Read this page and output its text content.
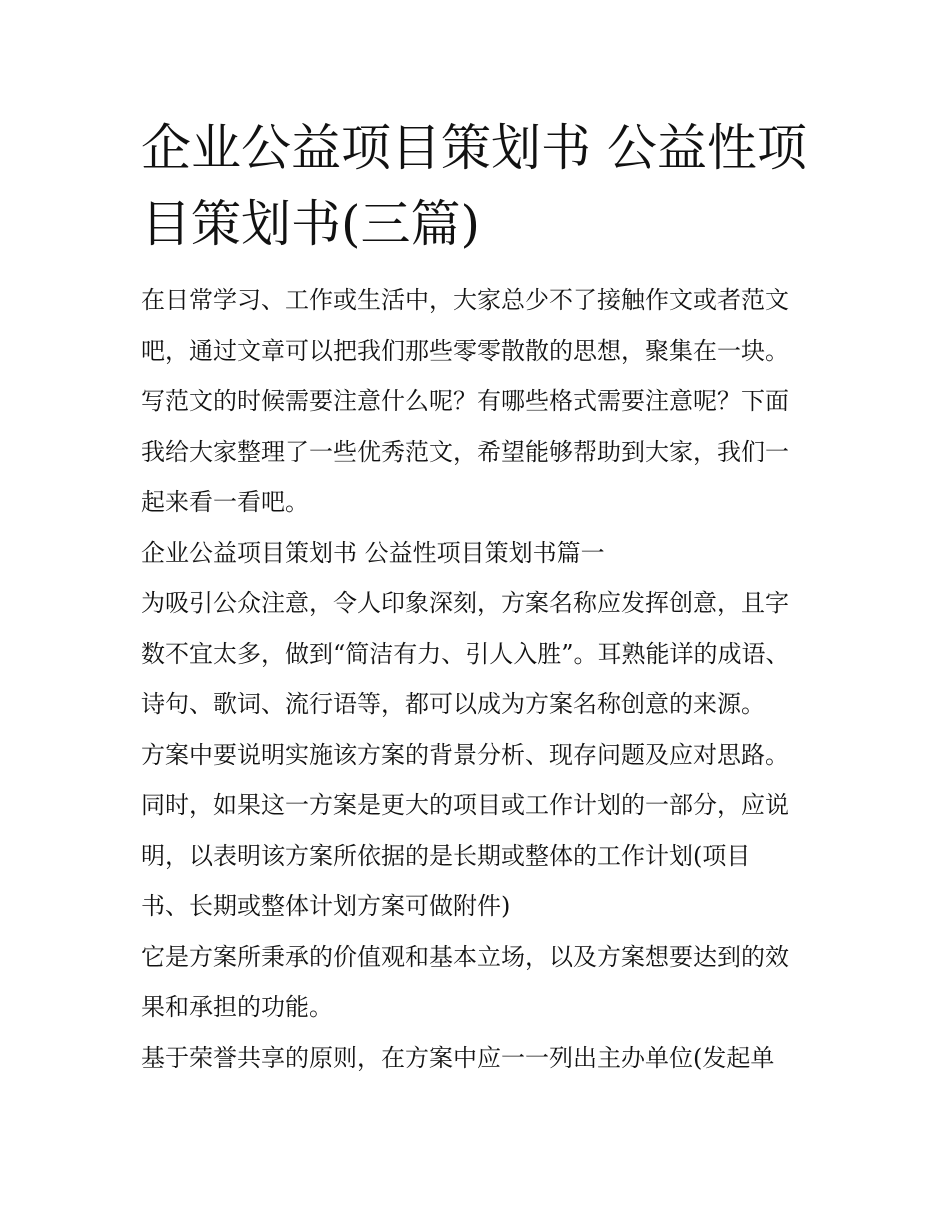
企业公益项目策划书 公益性项目策划书(三篇)

在日常学习、工作或生活中，大家总少不了接触作文或者范文

吧，通过文章可以把我们那些零零散散的思想，聚集在一块。

写范文的时候需要注意什么呢？有哪些格式需要注意呢？下面

我给大家整理了一些优秀范文，希望能够帮助到大家，我们一

起来看一看吧。

企业公益项目策划书 公益性项目策划书篇一

为吸引公众注意，令人印象深刻，方案名称应发挥创意，且字

数不宜太多，做到“简洁有力、引人入胜”。耳熟能详的成语、

诗句、歌词、流行语等，都可以成为方案名称创意的来源。

方案中要说明实施该方案的背景分析、现存问题及应对思路。

同时，如果这一方案是更大的项目或工作计划的一部分，应说

明，以表明该方案所依据的是长期或整体的工作计划(项目

书、长期或整体计划方案可做附件)

它是方案所秉承的价值观和基本立场，以及方案想要达到的效

果和承担的功能。

基于荣誉共享的原则，在方案中应一一列出主办单位(发起单
